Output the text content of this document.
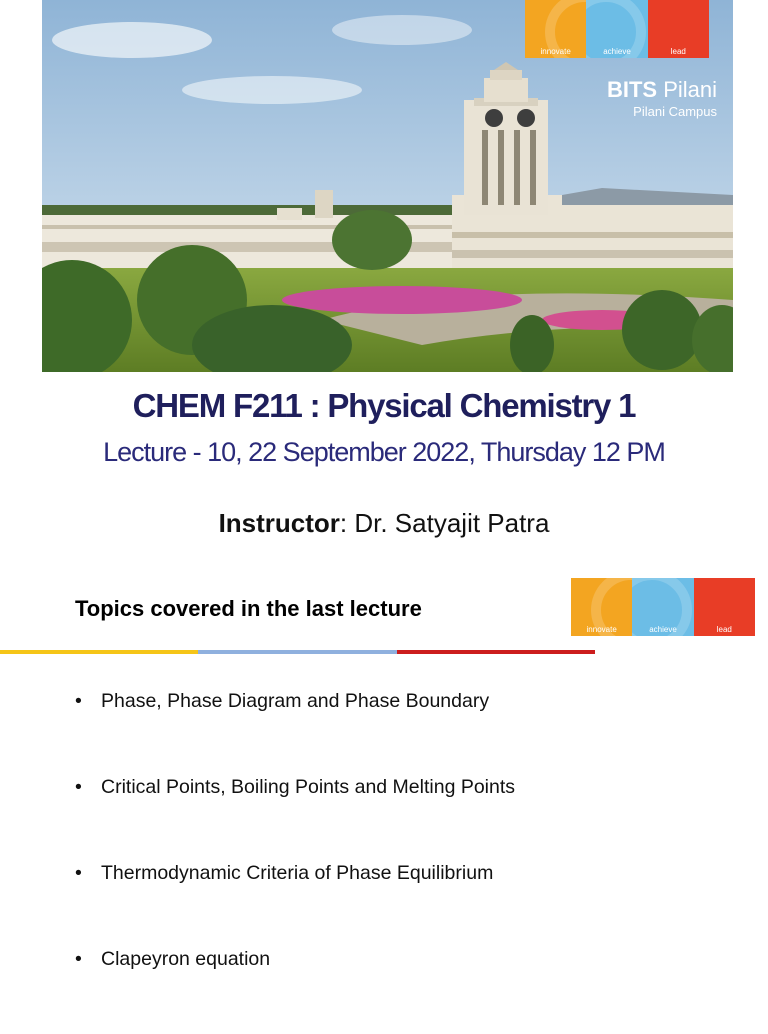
innovate	achieve	lead
BITS Pilani
Pilani Campus
CHEM F211 : Physical Chemistry 1
Lecture - 10, 22 September 2022, Thursday 12 PM
Instructor: Dr. Satyajit Patra
Topics covered in the last lecture
innovate	achieve	lead
• Phase, Phase Diagram and Phase Boundary
• Critical Points, Boiling Points and Melting Points
• Thermodynamic Criteria of Phase Equilibrium
• Clapeyron equation
